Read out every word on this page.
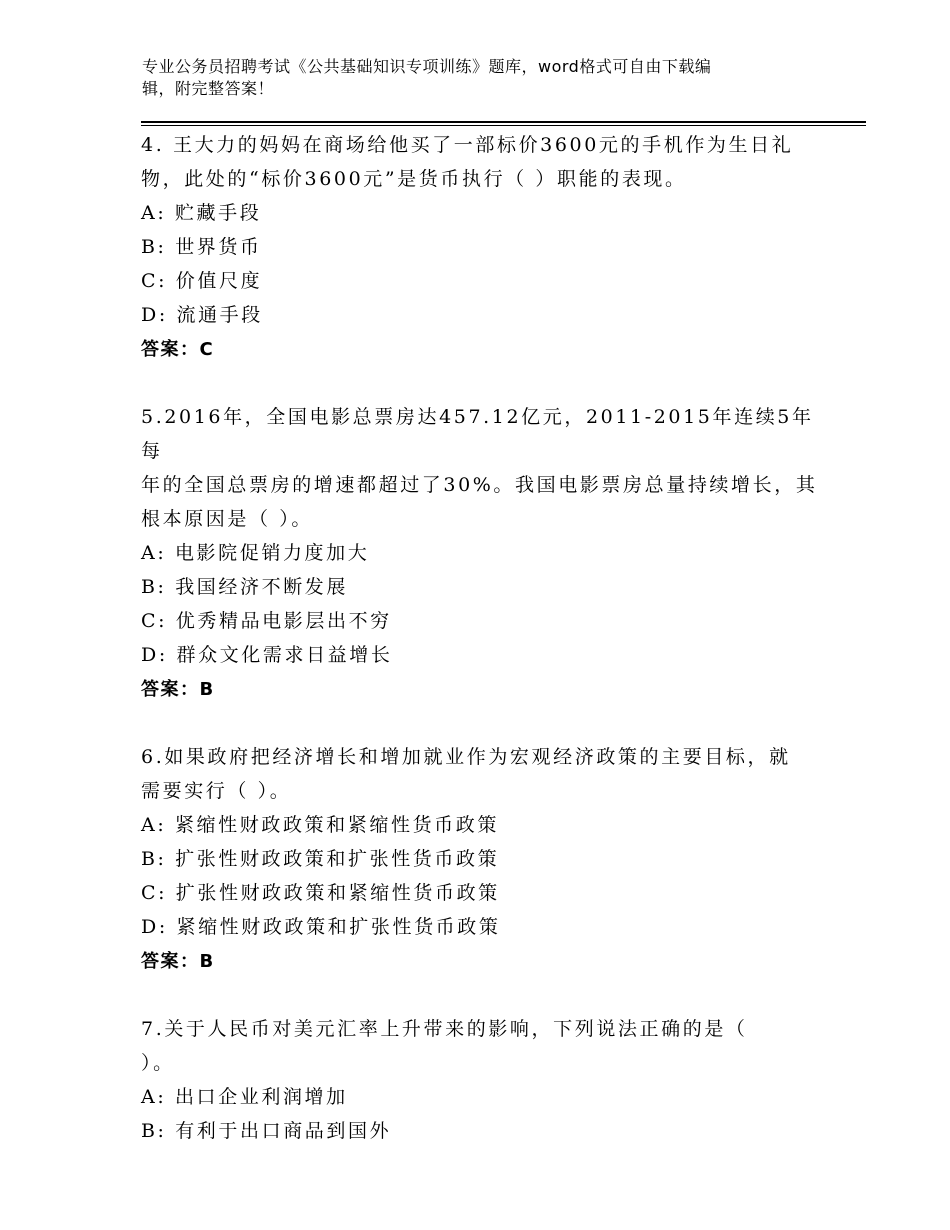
专业公务员招聘考试《公共基础知识专项训练》题库，word格式可自由下载编
辑，附完整答案！

4. 王大力的妈妈在商场给他买了一部标价3600元的手机作为生日礼

物，此处的“标价3600元”是货币执行（ ）职能的表现。

A: 贮藏手段

B: 世界货币

C: 价值尺度

D: 流通手段

答案：C

5.2016年，全国电影总票房达457.12亿元，2011-2015年连续5年每

年的全国总票房的增速都超过了30%。我国电影票房总量持续增长，其

根本原因是（ ）。

A: 电影院促销力度加大

B: 我国经济不断发展

C: 优秀精品电影层出不穷

D: 群众文化需求日益增长

答案：B

6.如果政府把经济增长和增加就业作为宏观经济政策的主要目标，就

需要实行（ ）。

A: 紧缩性财政政策和紧缩性货币政策

B: 扩张性财政政策和扩张性货币政策

C: 扩张性财政政策和紧缩性货币政策

D: 紧缩性财政政策和扩张性货币政策

答案：B

7.关于人民币对美元汇率上升带来的影响，下列说法正确的是（

）。

A: 出口企业利润增加

B: 有利于出口商品到国外
